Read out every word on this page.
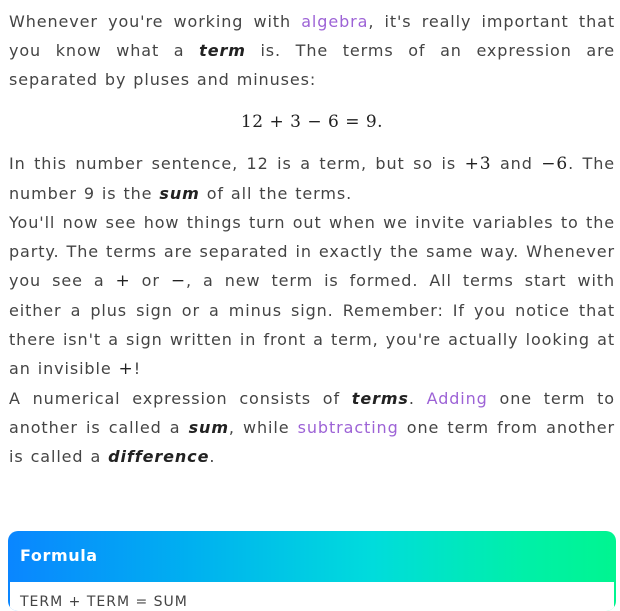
Whenever you're working with algebra, it's really important that you know what a term is. The terms of an expression are separated by pluses and minuses:

12 + 3 − 6 = 9.

In this number sentence, 12 is a term, but so is +3 and −6. The number 9 is the sum of all the terms.

You'll now see how things turn out when we invite variables to the party. The terms are separated in exactly the same way. Whenever you see a + or −, a new term is formed. All terms start with either a plus sign or a minus sign. Remember: If you notice that there isn't a sign written in front a term, you're actually looking at an invisible +!

A numerical expression consists of terms. Adding one term to another is called a sum, while subtracting one term from another is called a difference.

Formula
TERM + TERM = SUM
